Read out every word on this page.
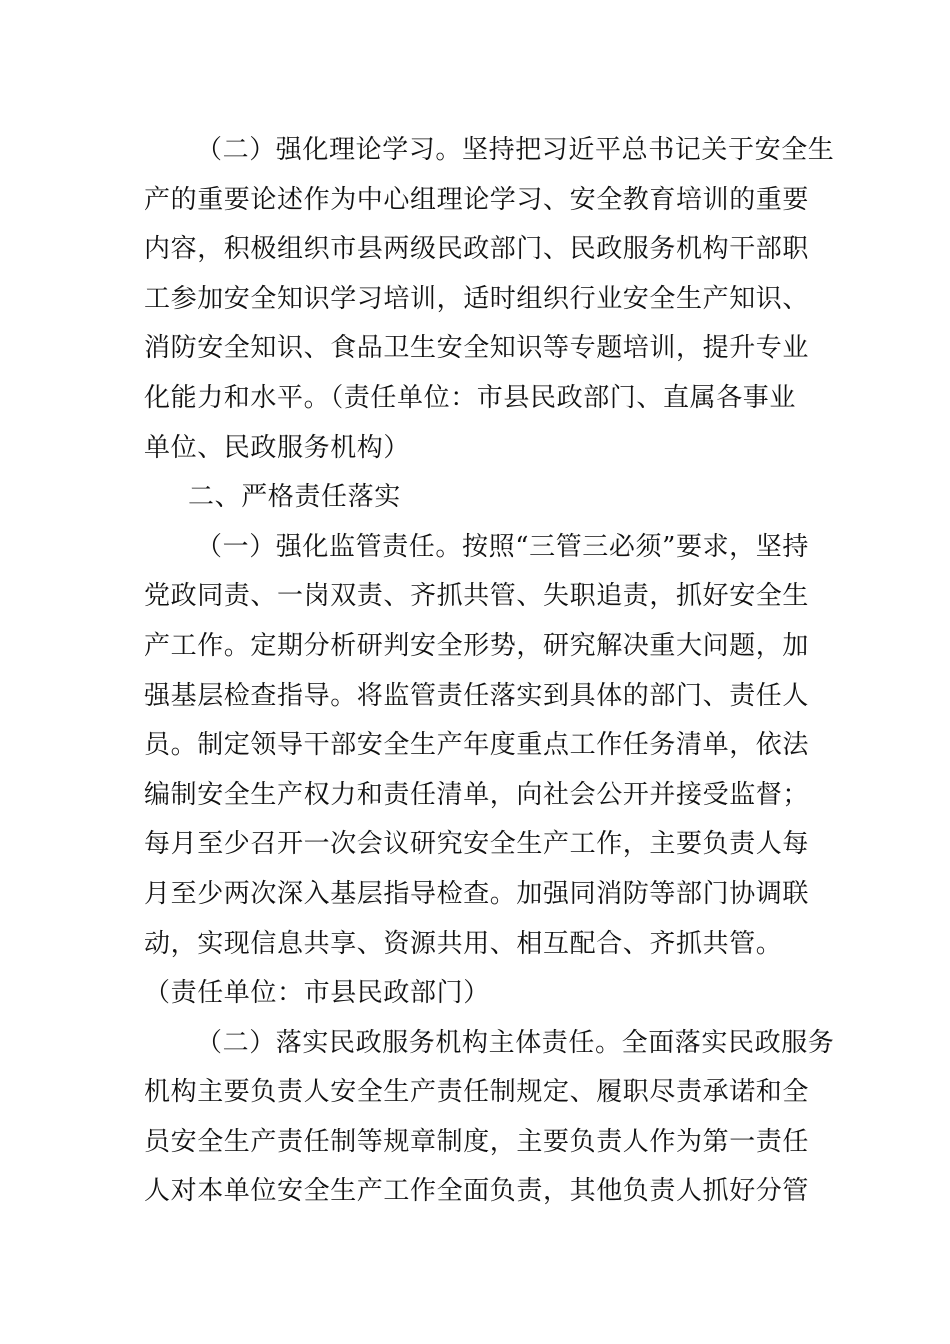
（二）强化理论学习。坚持把习近平总书记关于安全生
产的重要论述作为中心组理论学习、安全教育培训的重要
内容，积极组织市县两级民政部门、民政服务机构干部职
工参加安全知识学习培训，适时组织行业安全生产知识、
消防安全知识、食品卫生安全知识等专题培训，提升专业
化能力和水平。（责任单位：市县民政部门、直属各事业
单位、民政服务机构）
二、严格责任落实
（一）强化监管责任。按照“三管三必须”要求，坚持
党政同责、一岗双责、齐抓共管、失职追责，抓好安全生
产工作。定期分析研判安全形势，研究解决重大问题，加
强基层检查指导。将监管责任落实到具体的部门、责任人
员。制定领导干部安全生产年度重点工作任务清单，依法
编制安全生产权力和责任清单，向社会公开并接受监督；
每月至少召开一次会议研究安全生产工作，主要负责人每
月至少两次深入基层指导检查。加强同消防等部门协调联
动，实现信息共享、资源共用、相互配合、齐抓共管。
（责任单位：市县民政部门）
（二）落实民政服务机构主体责任。全面落实民政服务
机构主要负责人安全生产责任制规定、履职尽责承诺和全
员安全生产责任制等规章制度，主要负责人作为第一责任
人对本单位安全生产工作全面负责，其他负责人抓好分管
